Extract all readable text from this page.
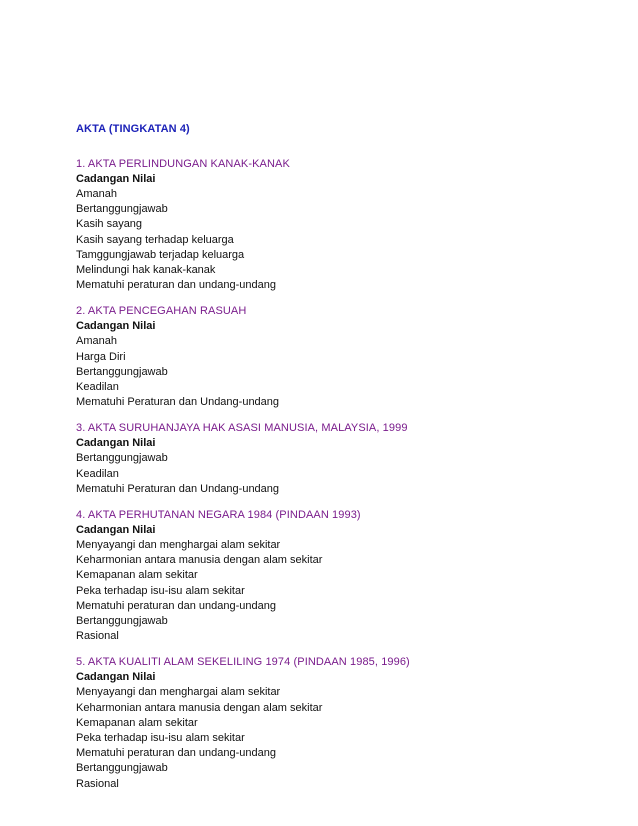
AKTA (TINGKATAN 4)
1. AKTA PERLINDUNGAN KANAK-KANAK
Cadangan Nilai
Amanah
Bertanggungjawab
Kasih sayang
Kasih sayang terhadap keluarga
Tamggungjawab terjadap keluarga
Melindungi hak kanak-kanak
Mematuhi peraturan dan undang-undang
2. AKTA PENCEGAHAN RASUAH
Cadangan Nilai
Amanah
Harga Diri
Bertanggungjawab
Keadilan
Mematuhi Peraturan dan Undang-undang
3. AKTA SURUHANJAYA HAK ASASI MANUSIA, MALAYSIA, 1999
Cadangan Nilai
Bertanggungjawab
Keadilan
Mematuhi Peraturan dan Undang-undang
4. AKTA PERHUTANAN NEGARA 1984 (PINDAAN 1993)
Cadangan Nilai
Menyayangi dan menghargai alam sekitar
Keharmonian antara manusia dengan alam sekitar
Kemapanan alam sekitar
Peka terhadap isu-isu alam sekitar
Mematuhi peraturan dan undang-undang
Bertanggungjawab
Rasional
5. AKTA KUALITI ALAM SEKELILING 1974 (PINDAAN 1985, 1996)
Cadangan Nilai
Menyayangi dan menghargai alam sekitar
Keharmonian antara manusia dengan alam sekitar
Kemapanan alam sekitar
Peka terhadap isu-isu alam sekitar
Mematuhi peraturan dan undang-undang
Bertanggungjawab
Rasional
